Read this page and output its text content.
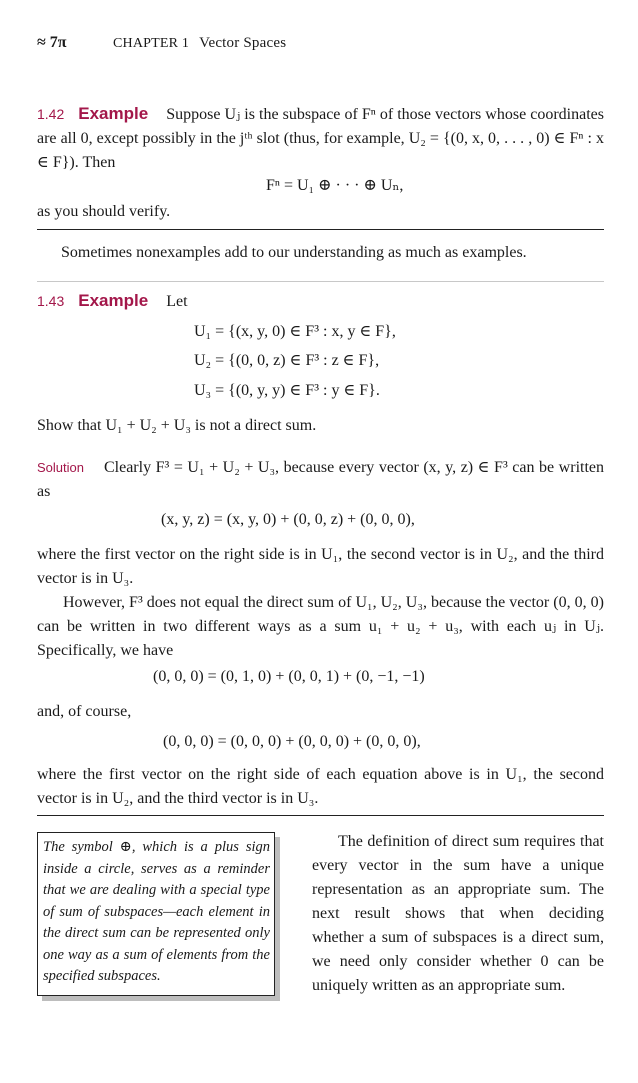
≈ 7π	CHAPTER 1 Vector Spaces
1.42 Example Suppose Uⱼ is the subspace of Fⁿ of those vectors whose coordinates are all 0, except possibly in the jᵗʰ slot (thus, for example, U₂ = {(0, x, 0, . . . , 0) ∈ Fⁿ : x ∈ F}). Then
Fⁿ = U₁ ⊕ · · · ⊕ Uₙ,
as you should verify.
Sometimes nonexamples add to our understanding as much as examples.
1.43 Example Let
U₁ = {(x, y, 0) ∈ F³ : x, y ∈ F},
U₂ = {(0, 0, z) ∈ F³ : z ∈ F},
U₃ = {(0, y, y) ∈ F³ : y ∈ F}.
Show that U₁ + U₂ + U₃ is not a direct sum.
Solution Clearly F³ = U₁ + U₂ + U₃, because every vector (x, y, z) ∈ F³ can be written as
(x, y, z) = (x, y, 0) + (0, 0, z) + (0, 0, 0),
where the first vector on the right side is in U₁, the second vector is in U₂, and the third vector is in U₃.
However, F³ does not equal the direct sum of U₁, U₂, U₃, because the vector (0, 0, 0) can be written in two different ways as a sum u₁ + u₂ + u₃, with each uⱼ in Uⱼ. Specifically, we have
(0, 0, 0) = (0, 1, 0) + (0, 0, 1) + (0, −1, −1)
and, of course,
(0, 0, 0) = (0, 0, 0) + (0, 0, 0) + (0, 0, 0),
where the first vector on the right side of each equation above is in U₁, the second vector is in U₂, and the third vector is in U₃.
The symbol ⊕, which is a plus sign inside a circle, serves as a reminder that we are dealing with a special type of sum of subspaces—each element in the direct sum can be represented only one way as a sum of elements from the specified subspaces.
The definition of direct sum requires that every vector in the sum have a unique representation as an appropriate sum. The next result shows that when deciding whether a sum of subspaces is a direct sum, we need only consider whether 0 can be uniquely written as an appropriate sum.
